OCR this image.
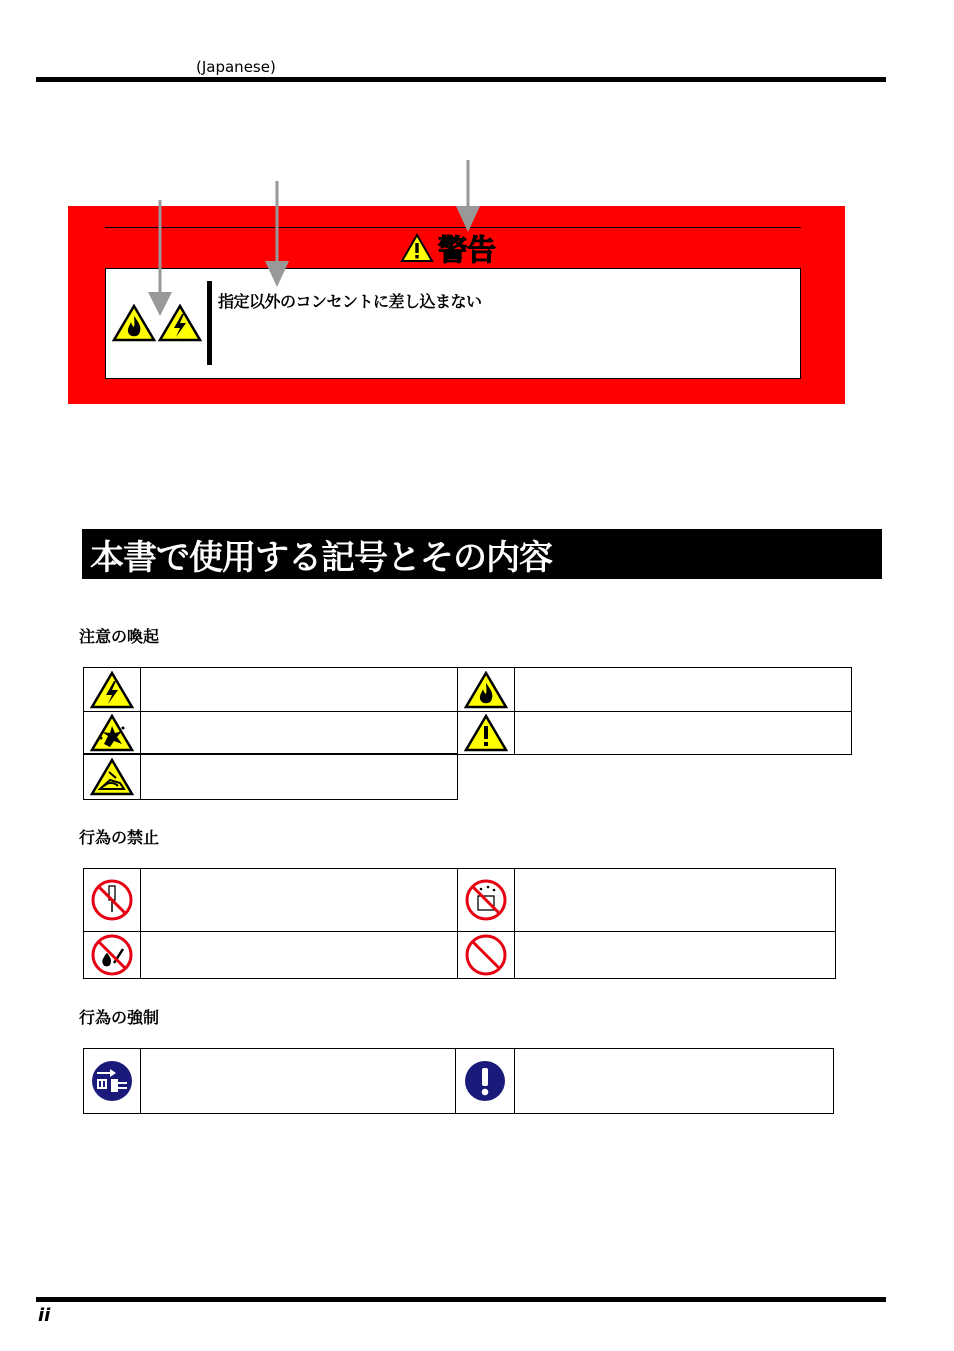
(Japanese)
警告
指定以外のコンセントに差し込まない
本書で使用する記号とその内容
注意の喚起

行為の禁止

行為の強制

ii
